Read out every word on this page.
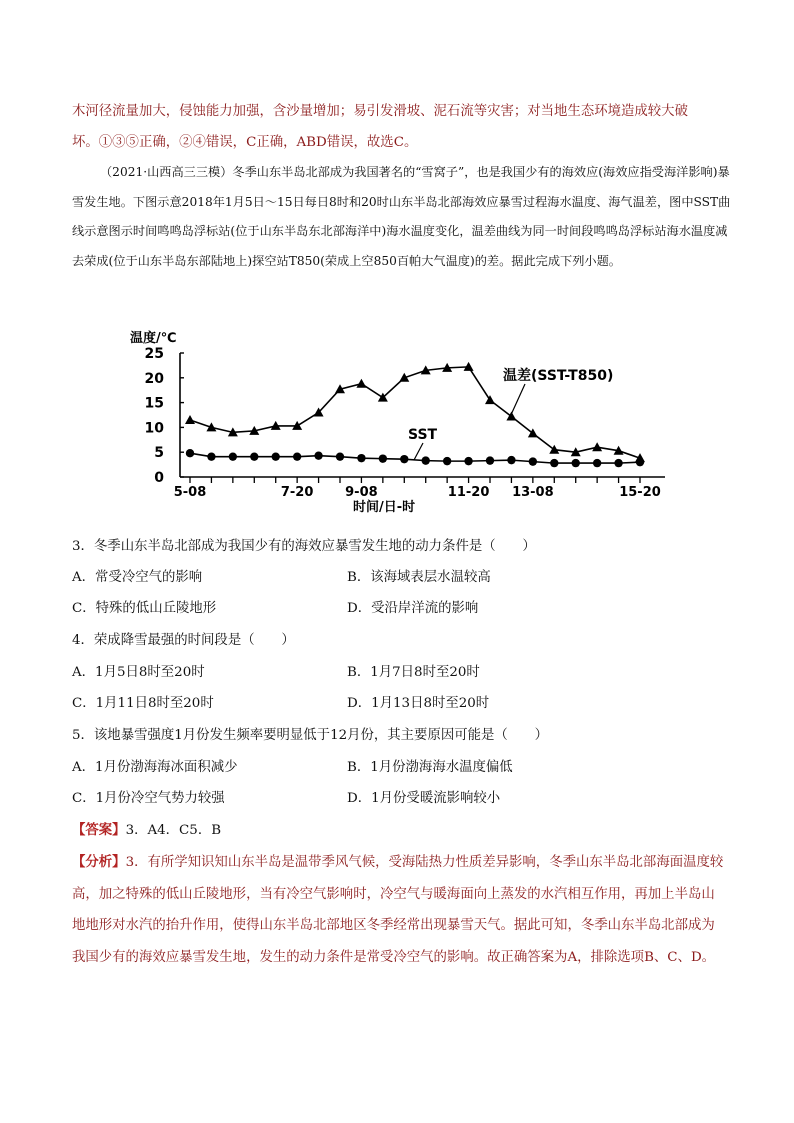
木河径流量加大，侵蚀能力加强，含沙量增加；易引发滑坡、泥石流等灾害；对当地生态环境造成较大破

坏。①③⑤正确，②④错误，C正确，ABD错误，故选C。

（2021·山西高三三模）冬季山东半岛北部成为我国著名的“雪窝子”，也是我国少有的海效应(海效应指受海洋影响)暴雪发生地。下图示意2018年1月5日～15日每日8时和20时山东半岛北部海效应暴雪过程海水温度、海气温差，图中SST曲线示意图示时间鸣鸣岛浮标站(位于山东半岛东北部海洋中)海水温度变化，温差曲线为同一时间段鸣鸣岛浮标站海水温度减去荣成(位于山东半岛东部陆地上)探空站T850(荣成上空850百帕大气温度)的差。据此完成下列小题。

温度/℃
0
5
10
15
20
25
5-08	7-20 9-08	11-20 13-08	15-20
温差(SST-T850)
SST
时间/日-时

3．冬季山东半岛北部成为我国少有的海效应暴雪发生地的动力条件是（　　）

A．常受冷空气的影响	B．该海域表层水温较高

C．特殊的低山丘陵地形	D．受沿岸洋流的影响

4．荣成降雪最强的时间段是（　　）

A．1月5日8时至20时	B．1月7日8时至20时

C．1月11日8时至20时	D．1月13日8时至20时

5．该地暴雪强度1月份发生频率要明显低于12月份，其主要原因可能是（　　）

A．1月份渤海海冰面积减少	B．1月份渤海海水温度偏低

C．1月份冷空气势力较强	D．1月份受暖流影响较小

【答案】3．A4．C5．B

【分析】3．有所学知识知山东半岛是温带季风气候，受海陆热力性质差异影响，冬季山东半岛北部海面温度较高，加之特殊的低山丘陵地形，当有冷空气影响时，冷空气与暖海面向上蒸发的水汽相互作用，再加上半岛山地地形对水汽的抬升作用，使得山东半岛北部地区冬季经常出现暴雪天气。据此可知，冬季山东半岛北部成为我国少有的海效应暴雪发生地，发生的动力条件是常受冷空气的影响。故正确答案为A，排除选项B、C、D。
